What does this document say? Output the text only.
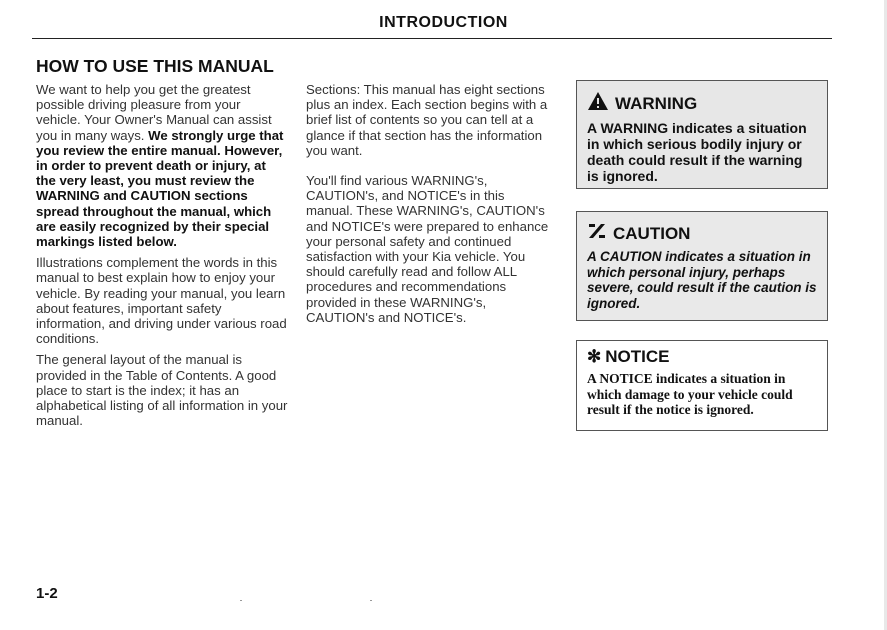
INTRODUCTION
HOW TO USE THIS MANUAL

We want to help you get the greatest possible driving pleasure from your vehicle. Your Owner's Manual can assist you in many ways. We strongly urge that you review the entire manual. However, in order to prevent death or injury, at the very least, you must review the WARNING and CAUTION sections spread throughout the manual, which are easily recognized by their special markings listed below.

Illustrations complement the words in this manual to best explain how to enjoy your vehicle. By reading your manual, you learn about features, important safety information, and driving under various road conditions.

The general layout of the manual is provided in the Table of Contents. A good place to start is the index; it has an alphabetical listing of all information in your manual.

Sections: This manual has eight sections plus an index. Each section begins with a brief list of contents so you can tell at a glance if that section has the information you want.

You'll find various WARNING's, CAUTION's, and NOTICE's in this manual. These WARNING's, CAUTION's and NOTICE's were prepared to enhance your personal safety and continued satisfaction with your Kia vehicle. You should carefully read and follow ALL procedures and recommendations provided in these WARNING's, CAUTION's and NOTICE's.

WARNING
A WARNING indicates a situation in which serious bodily injury or death could result if the warning is ignored.
CAUTION
A CAUTION indicates a situation in which personal injury, perhaps severe, could result if the caution is ignored.
✻ NOTICE
A NOTICE indicates a situation in which damage to your vehicle could result if the notice is ignored.
1-2
